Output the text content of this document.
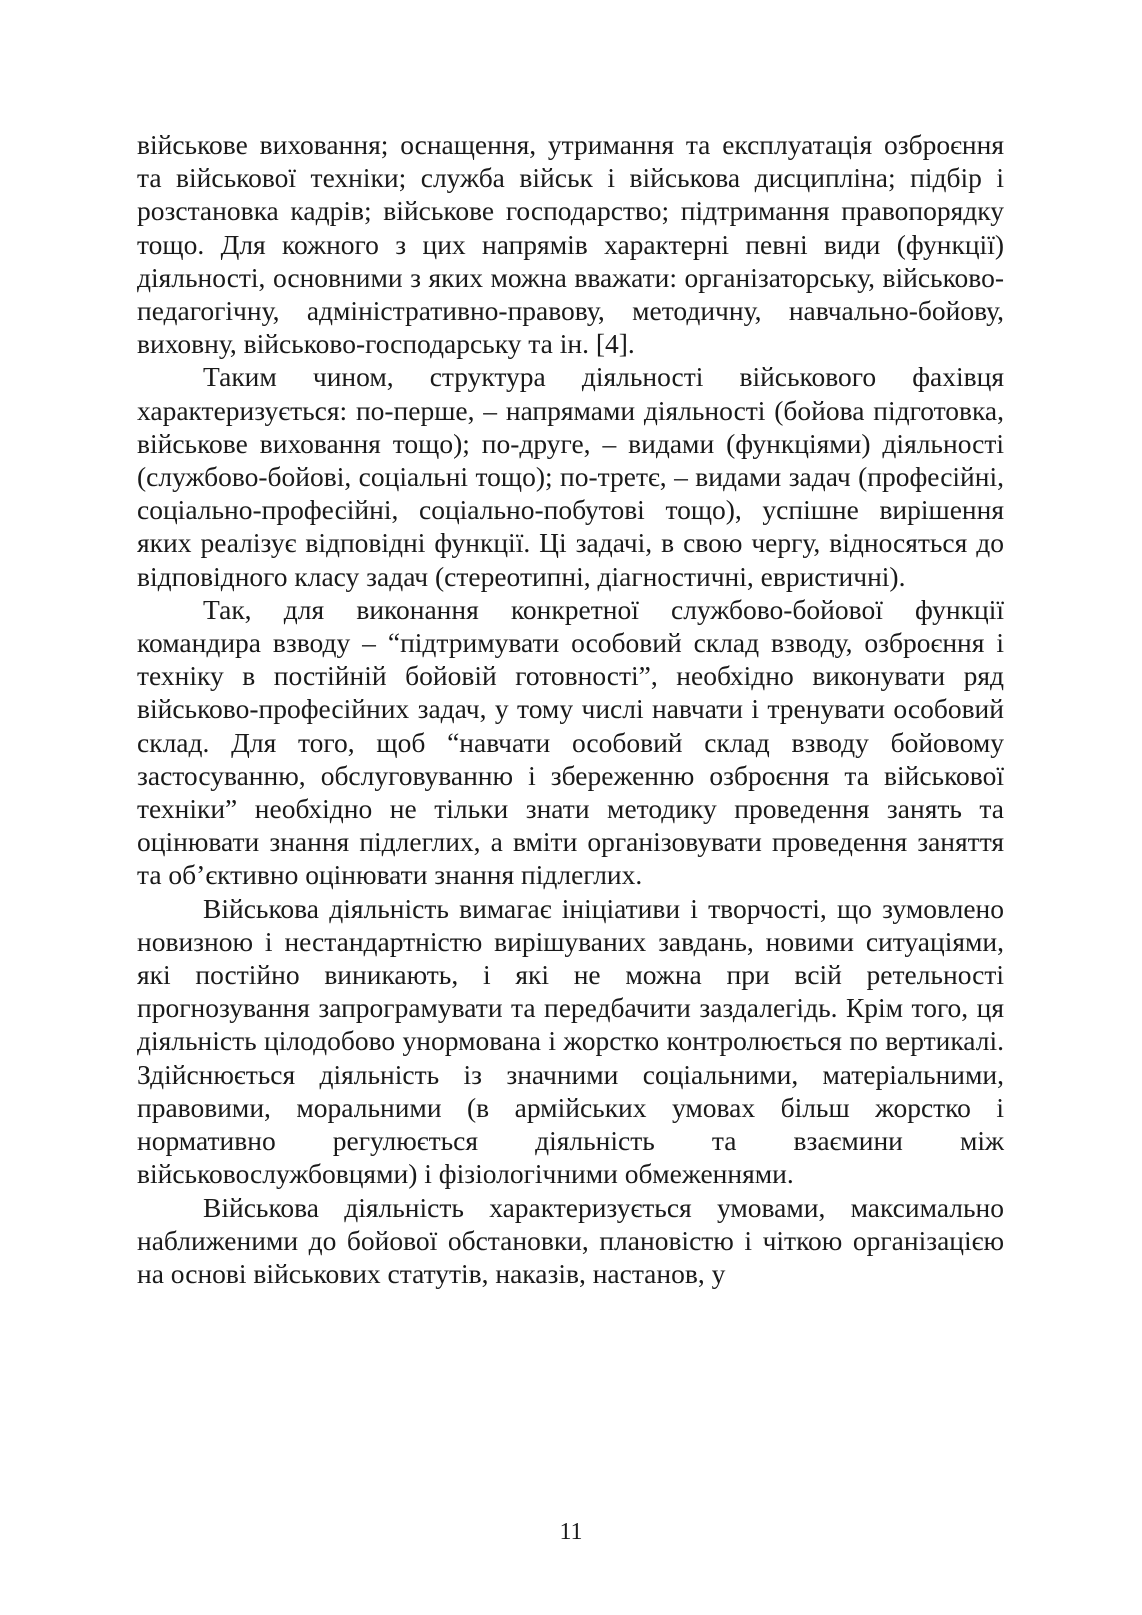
військове виховання; оснащення, утримання та експлуатація озброєння та військової техніки; служба військ і військова дисципліна; підбір і розстановка кадрів; військове господарство; підтримання правопорядку тощо. Для кожного з цих напрямів характерні певні види (функції) діяльності, основними з яких можна вважати: організаторську, військово-педагогічну, адміністративно-правову, методичну, навчально-бойову, виховну, військово-господарську та ін. [4].

Таким чином, структура діяльності військового фахівця характеризується: по-перше, – напрямами діяльності (бойова підготовка, військове виховання тощо); по-друге, – видами (функціями) діяльності (службово-бойові, соціальні тощо); по-третє, – видами задач (професійні, соціально-професійні, соціально-побутові тощо), успішне вирішення яких реалізує відповідні функції. Ці задачі, в свою чергу, відносяться до відповідного класу задач (стереотипні, діагностичні, евристичні).

Так, для виконання конкретної службово-бойової функції командира взводу – “підтримувати особовий склад взводу, озброєння і техніку в постійній бойовій готовності”, необхідно виконувати ряд військово-професійних задач, у тому числі навчати і тренувати особовий склад. Для того, щоб “навчати особовий склад взводу бойовому застосуванню, обслуговуванню і збереженню озброєння та військової техніки” необхідно не тільки знати методику проведення занять та оцінювати знання підлеглих, а вміти організовувати проведення заняття та об’єктивно оцінювати знання підлеглих.

Військова діяльність вимагає ініціативи і творчості, що зумовлено новизною і нестандартністю вирішуваних завдань, новими ситуаціями, які постійно виникають, і які не можна при всій ретельності прогнозування запрограмувати та передбачити заздалегідь. Крім того, ця діяльність цілодобово унормована і жорстко контролюється по вертикалі. Здійснюється діяльність із значними соціальними, матеріальними, правовими, моральними (в армійських умовах більш жорстко і нормативно регулюється діяльність та взаємини між військовослужбовцями) і фізіологічними обмеженнями.

Військова діяльність характеризується умовами, максимально наближеними до бойової обстановки, плановістю і чіткою організацією на основі військових статутів, наказів, настанов, у

11
